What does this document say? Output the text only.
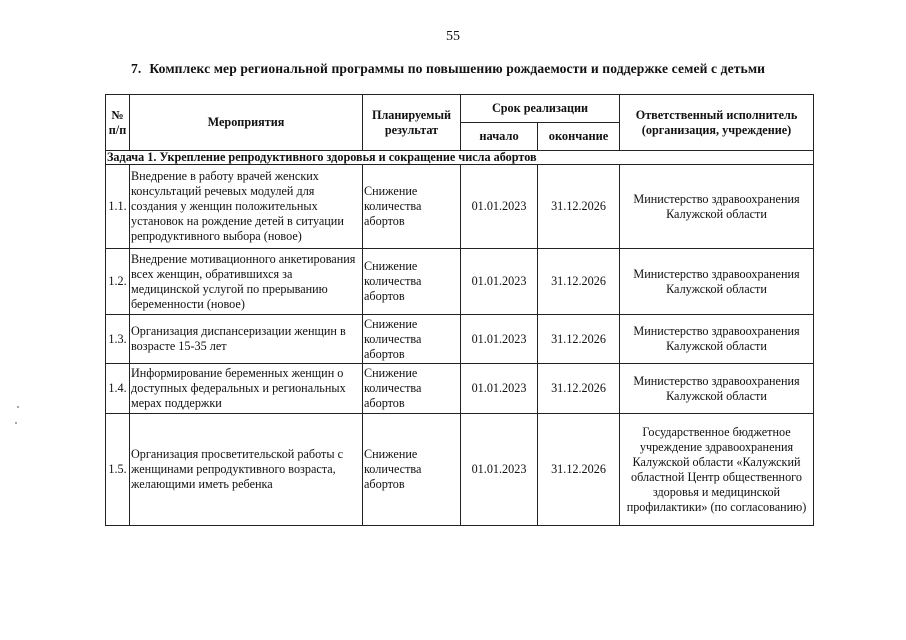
55
7. Комплекс мер региональной программы по повышению рождаемости и поддержке семей с детьми
№ п/п	Мероприятия	Планируемый результат	Срок реализации		Ответственный исполнитель (организация, учреждение)
			начало	окончание	
Задача 1. Укрепление репродуктивного здоровья и сокращение числа абортов					
1.1.	Внедрение в работу врачей женских консультаций речевых модулей для создания у женщин положительных установок на рождение детей в ситуации репродуктивного выбора (новое)	Снижение количества абортов	01.01.2023	31.12.2026	Министерство здравоохранения Калужской области
1.2.	Внедрение мотивационного анкетирования всех женщин, обратившихся за медицинской услугой по прерыванию беременности (новое)	Снижение количества абортов	01.01.2023	31.12.2026	Министерство здравоохранения Калужской области
1.3.	Организация диспансеризации женщин в возрасте 15-35 лет	Снижение количества абортов	01.01.2023	31.12.2026	Министерство здравоохранения Калужской области
1.4.	Информирование беременных женщин о доступных федеральных и региональных мерах поддержки	Снижение количества абортов	01.01.2023	31.12.2026	Министерство здравоохранения Калужской области
1.5.	Организация просветительской работы с женщинами репродуктивного возраста, желающими иметь ребенка	Снижение количества абортов	01.01.2023	31.12.2026	Государственное бюджетное учреждение здравоохранения Калужской области «Калужский областной Центр общественного здоровья и медицинской профилактики» (по согласованию)
